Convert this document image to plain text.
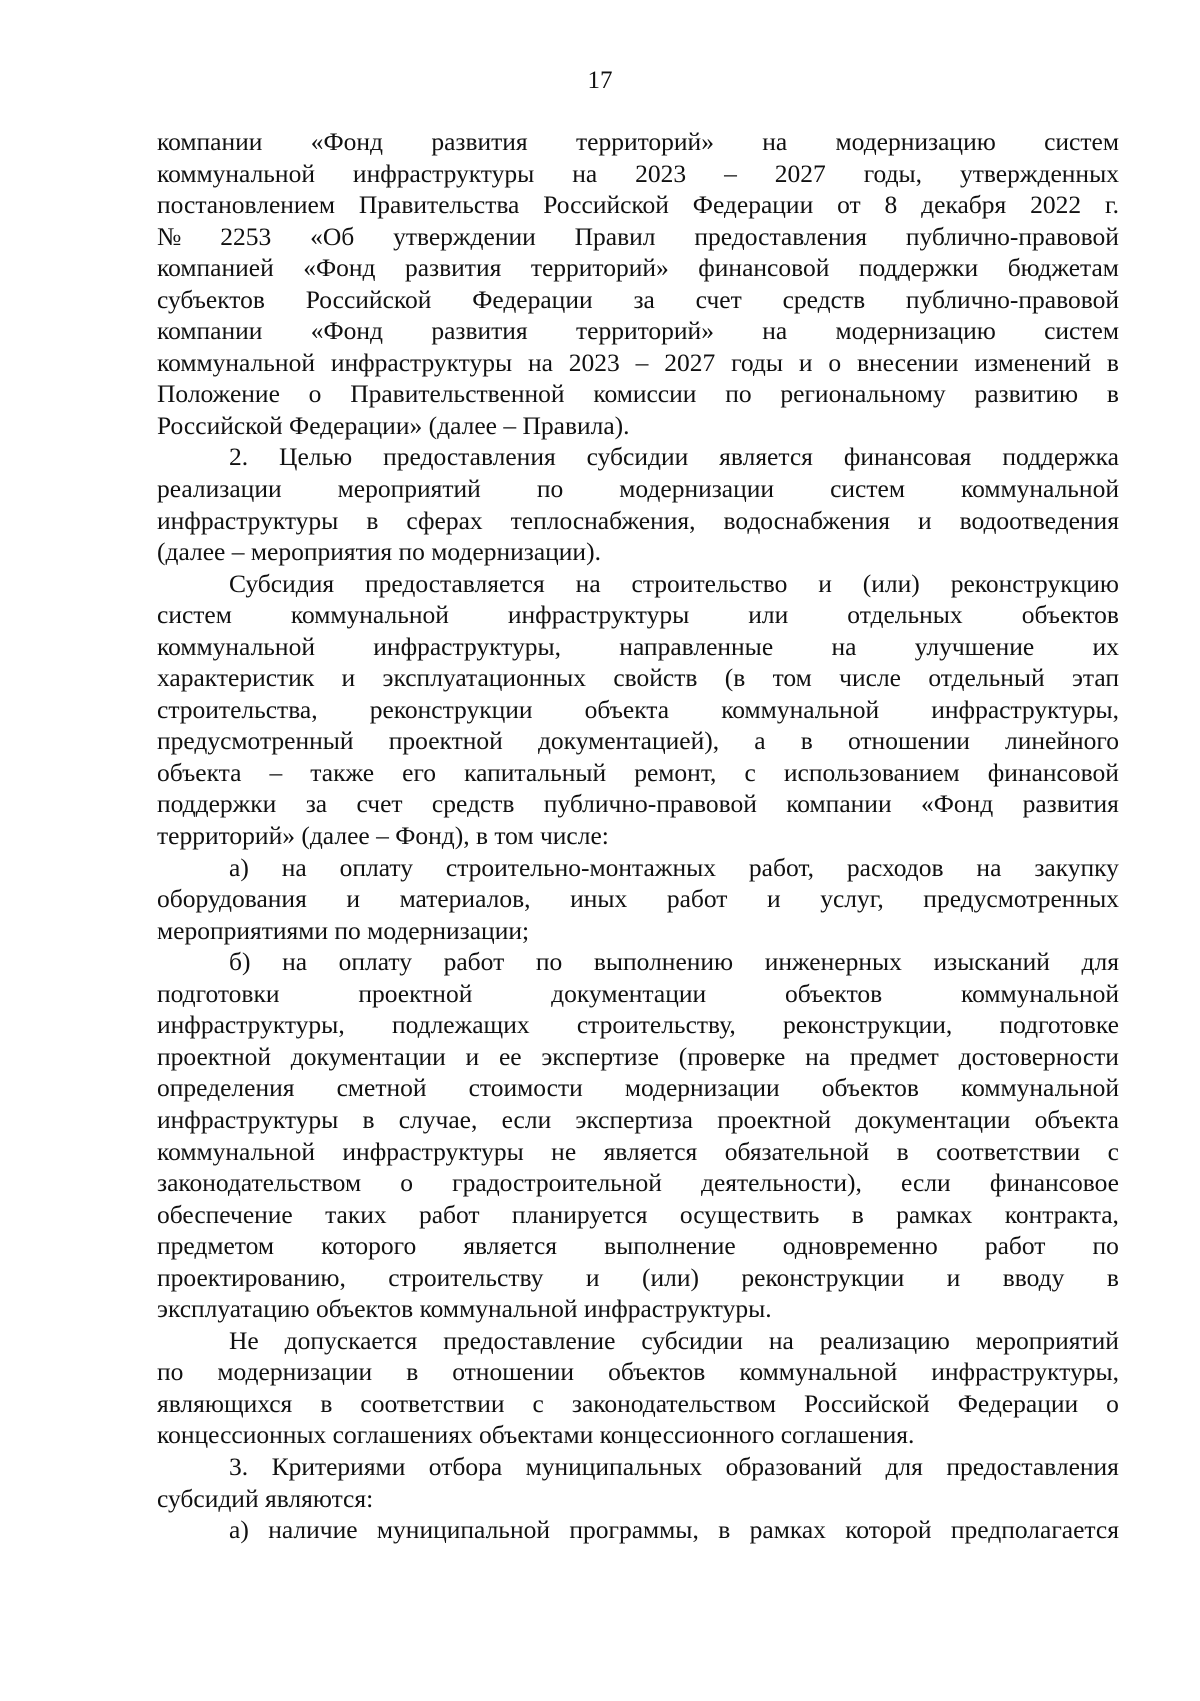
17
компании «Фонд развития территорий» на модернизацию систем
коммунальной инфраструктуры на 2023 – 2027 годы, утвержденных
постановлением Правительства Российской Федерации от 8 декабря 2022 г.
№ 2253 «Об утверждении Правил предоставления публично-правовой
компанией «Фонд развития территорий» финансовой поддержки бюджетам
субъектов Российской Федерации за счет средств публично-правовой
компании «Фонд развития территорий» на модернизацию систем
коммунальной инфраструктуры на 2023 – 2027 годы и о внесении изменений в
Положение о Правительственной комиссии по региональному развитию в
Российской Федерации» (далее – Правила).
2. Целью предоставления субсидии является финансовая поддержка
реализации мероприятий по модернизации систем коммунальной
инфраструктуры в сферах теплоснабжения, водоснабжения и водоотведения
(далее – мероприятия по модернизации).
Субсидия предоставляется на строительство и (или) реконструкцию
систем коммунальной инфраструктуры или отдельных объектов
коммунальной инфраструктуры, направленные на улучшение их
характеристик и эксплуатационных свойств (в том числе отдельный этап
строительства, реконструкции объекта коммунальной инфраструктуры,
предусмотренный проектной документацией), а в отношении линейного
объекта – также его капитальный ремонт, с использованием финансовой
поддержки за счет средств публично-правовой компании «Фонд развития
территорий» (далее – Фонд), в том числе:
а) на оплату строительно-монтажных работ, расходов на закупку
оборудования и материалов, иных работ и услуг, предусмотренных
мероприятиями по модернизации;
б) на оплату работ по выполнению инженерных изысканий для
подготовки	проектной	документации	объектов	коммунальной
инфраструктуры, подлежащих строительству, реконструкции, подготовке
проектной документации и ее экспертизе (проверке на предмет достоверности
определения сметной стоимости модернизации объектов коммунальной
инфраструктуры в случае, если экспертиза проектной документации объекта
коммунальной инфраструктуры не является обязательной в соответствии с
законодательством о градостроительной деятельности), если финансовое
обеспечение таких работ планируется осуществить в рамках контракта,
предметом которого является выполнение одновременно работ по
проектированию, строительству и (или) реконструкции и вводу в
эксплуатацию объектов коммунальной инфраструктуры.
Не допускается предоставление субсидии на реализацию мероприятий
по модернизации в отношении объектов коммунальной инфраструктуры,
являющихся в соответствии с законодательством Российской Федерации о
концессионных соглашениях объектами концессионного соглашения.
3. Критериями отбора муниципальных образований для предоставления
субсидий являются:
а) наличие муниципальной программы, в рамках которой предполагается
